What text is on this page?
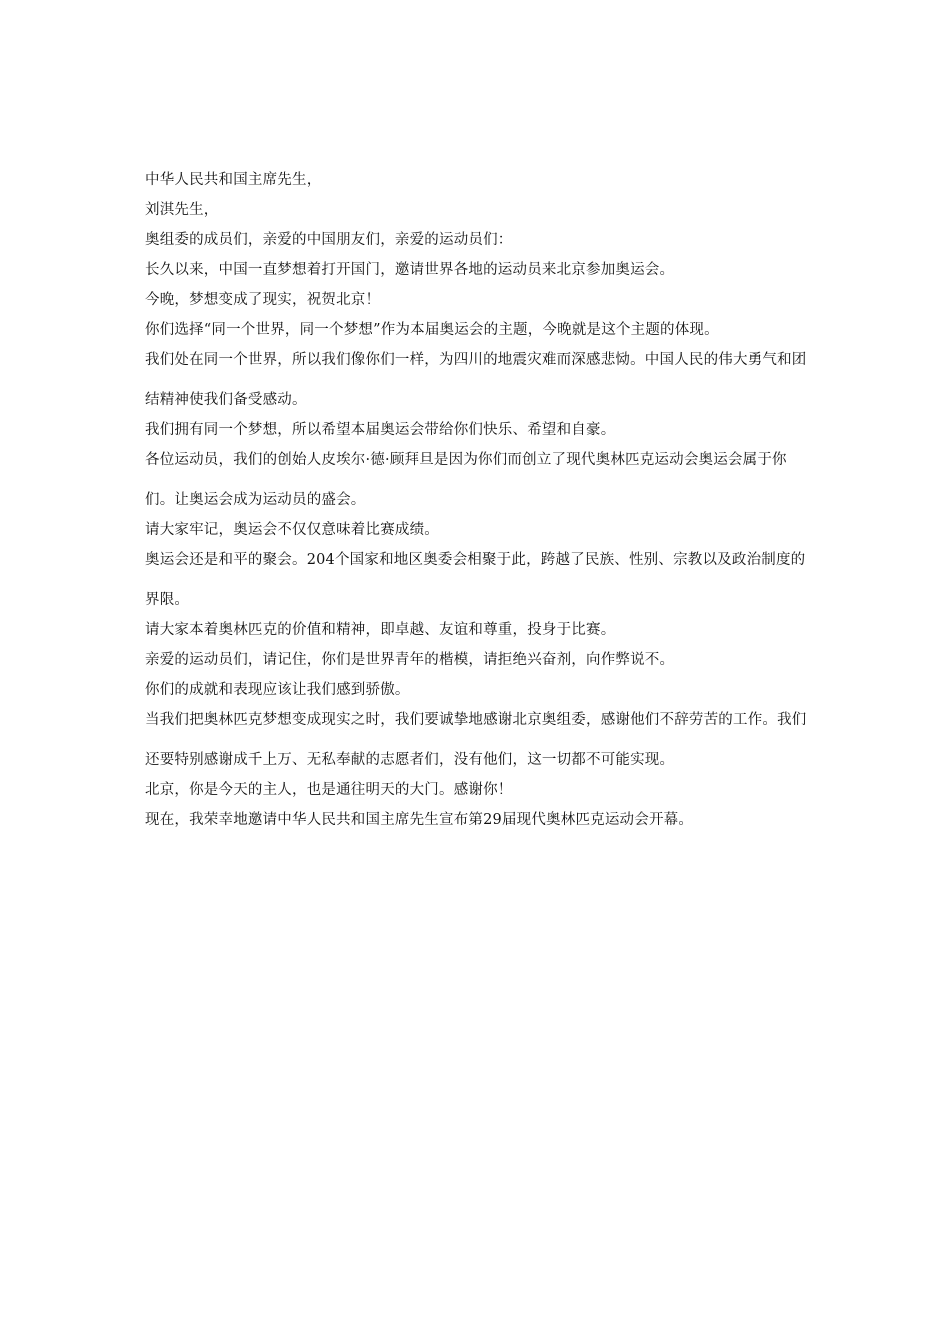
中华人民共和国主席先生，

刘淇先生，

奥组委的成员们，亲爱的中国朋友们，亲爱的运动员们：

长久以来，中国一直梦想着打开国门，邀请世界各地的运动员来北京参加奥运会。

今晚，梦想变成了现实，祝贺北京！

你们选择“同一个世界，同一个梦想”作为本届奥运会的主题，今晚就是这个主题的体现。

我们处在同一个世界，所以我们像你们一样，为四川的地震灾难而深感悲恸。中国人民的伟大勇气和团结精神使我们备受感动。

我们拥有同一个梦想，所以希望本届奥运会带给你们快乐、希望和自豪。

各位运动员，我们的创始人皮埃尔·德·顾拜旦是因为你们而创立了现代奥林匹克运动会奥运会属于你们。让奥运会成为运动员的盛会。

请大家牢记，奥运会不仅仅意味着比赛成绩。

奥运会还是和平的聚会。204个国家和地区奥委会相聚于此，跨越了民族、性别、宗教以及政治制度的界限。

请大家本着奥林匹克的价值和精神，即卓越、友谊和尊重，投身于比赛。

亲爱的运动员们，请记住，你们是世界青年的楷模，请拒绝兴奋剂，向作弊说不。

你们的成就和表现应该让我们感到骄傲。

当我们把奥林匹克梦想变成现实之时，我们要诚挚地感谢北京奥组委，感谢他们不辞劳苦的工作。我们还要特别感谢成千上万、无私奉献的志愿者们，没有他们，这一切都不可能实现。

北京，你是今天的主人，也是通往明天的大门。感谢你！

现在，我荣幸地邀请中华人民共和国主席先生宣布第29届现代奥林匹克运动会开幕。
